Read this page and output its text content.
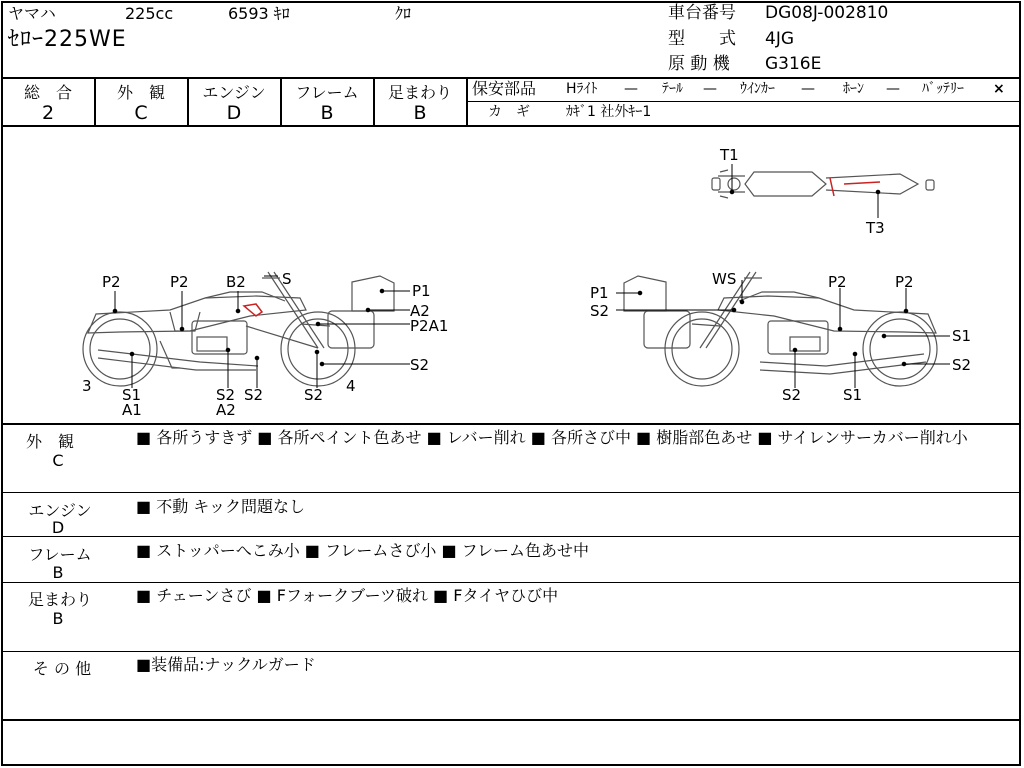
ヤマハ	225cc	6593 ｷﾛ	ｸﾛ
ｾﾛｰ225WE
車台番号 DG08J-002810
型　　式 4JG
原 動 機 G316E
総　合
2
外　観
C
エンジン
D
フレーム
B
足まわり
B
保安部品 Hﾗｲﾄ — ﾃｰﾙ — ｳｲﾝｶｰ — ﾎｰﾝ — ﾊﾞｯﾃﾘｰ ×
カ　ギ	ｶｷﾞ1 社外ｷｰ1
P2	P2 B2 S
P1
A2
P2A1
S2
3 S1
A1
S2
A2
S2	S2 4
P1
S2
WS	P2	P2
S1
S2
S2	S1
T1
T3
外　観
C
■ 各所うすきず ■ 各所ペイント色あせ ■ レバー削れ ■ 各所さび中 ■ 樹脂部色あせ ■ サイレンサーカバー削れ小
エンジン
D
■ 不動 キック問題なし
フレーム
B
■ ストッパーへこみ小 ■ フレームさび小 ■ フレーム色あせ中
足まわり
B
■ チェーンさび ■ Fフォークブーツ破れ ■ Fタイヤひび中
そ の 他	■装備品:ナックルガード
